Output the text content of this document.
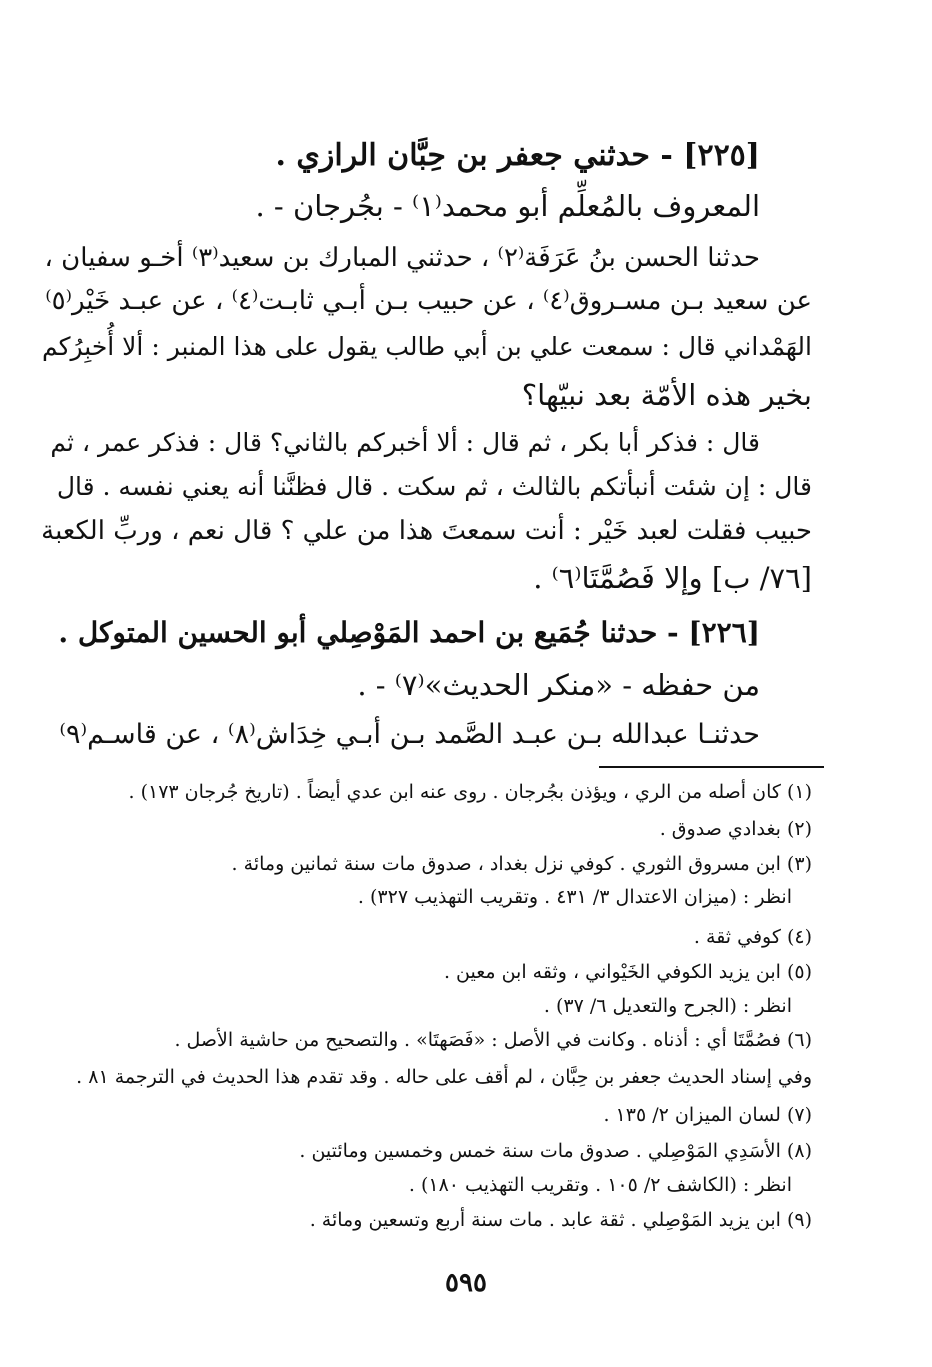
[٢٢٥] - حدثني جعفر بن حِبَّان الرازي .
المعروف بالمُعلِّم أبو محمد⁽١⁾ - بجُرجان - .
حدثنا الحسن بنُ عَرَفَة⁽٢⁾ ، حدثني المبارك بن سعيد⁽٣⁾ أخـو سفيان ،
عن سعيد بـن مسـروق⁽٤⁾ ، عن حبيب بـن أبـي ثابـت⁽٤⁾ ، عن عبـد خَيْر⁽٥⁾
الهَمْداني قال : سمعت علي بن أبي طالب يقول على هذا المنبر : ألا أُخبِرُكم
بخير هذه الأمّة بعد نبيّها؟
قال : فذكر أبا بكر ، ثم قال : ألا أخبركم بالثاني؟ قال : فذكر عمر ، ثم
قال : إن شئت أنبأتكم بالثالث ، ثم سكت . قال فظنَّنا أنه يعني نفسه . قال
حبيب فقلت لعبد خَيْر : أنت سمعتَ هذا من علي ؟ قال نعم ، وربِّ الكعبة
[٧٦/ ب] وإلا فَصُمَّتَا⁽٦⁾ .
[٢٢٦] - حدثنا جُمَيع بن احمد المَوْصِلي أبو الحسين المتوكل .
من حفظه - «منكر الحديث»⁽٧⁾ - .
حدثنـا عبدالله بـن عبـد الصَّمد بـن أبـي خِدَاش⁽٨⁾ ، عن قاسـم⁽٩⁾
(١) كان أصله من الري ، ويؤذن بجُرجان . روى عنه ابن عدي أيضاً . (تاريخ جُرجان ١٧٣) .
(٢) بغدادي صدوق .
(٣) ابن مسروق الثوري . كوفي نزل بغداد ، صدوق مات سنة ثمانين ومائة .
انظر : (ميزان الاعتدال ٣/ ٤٣١ . وتقريب التهذيب ٣٢٧) .
(٤) كوفي ثقة .
(٥) ابن يزيد الكوفي الخَيْواني ، وثقه ابن معين .
انظر : (الجرح والتعديل ٦/ ٣٧) .
(٦) فصُمَّتَا أي : أذناه . وكانت في الأصل : «فَصَهتَا» . والتصحيح من حاشية الأصل .
وفي إسناد الحديث جعفر بن حِبَّان ، لم أقف على حاله . وقد تقدم هذا الحديث في الترجمة ٨١ .
(٧) لسان الميزان ٢/ ١٣٥ .
(٨) الأسَدِي المَوْصِلي . صدوق مات سنة خمس وخمسين ومائتين .
انظر : (الكاشف ٢/ ١٠٥ . وتقريب التهذيب ١٨٠) .
(٩) ابن يزيد المَوْصِلي . ثقة عابد . مات سنة أربع وتسعين ومائة .
٥٩٥
